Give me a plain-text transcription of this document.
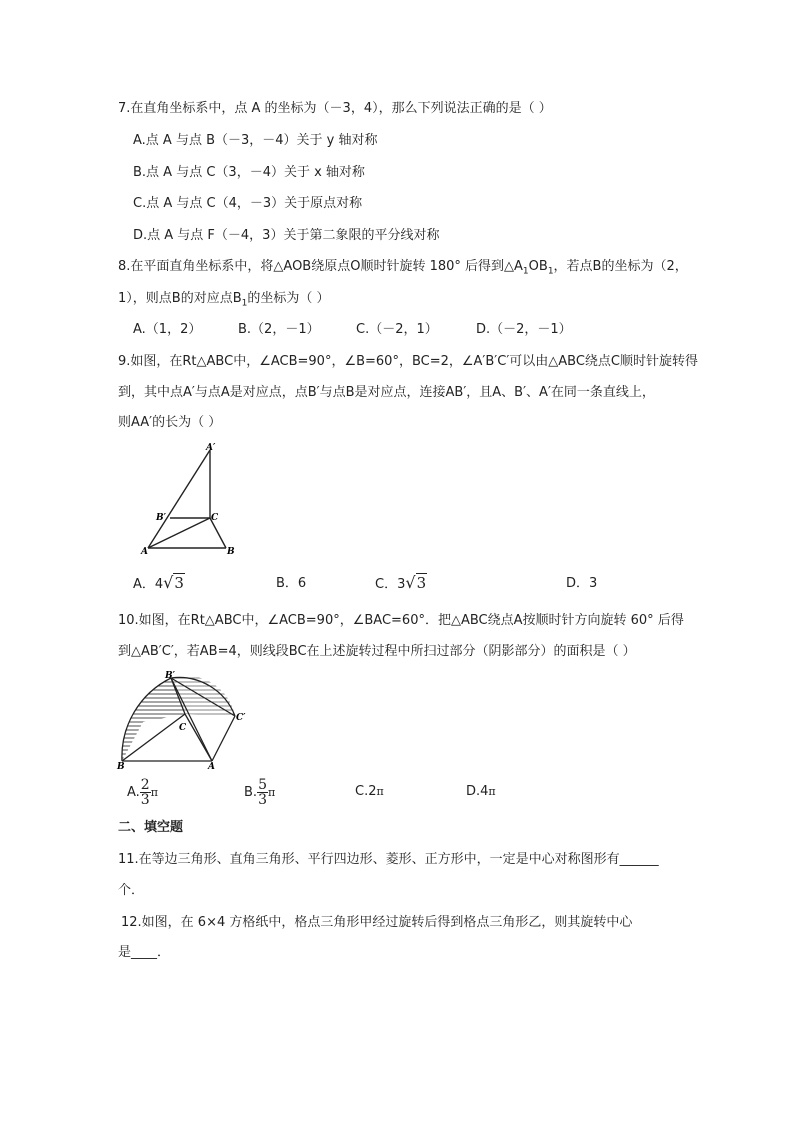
7.在直角坐标系中，点 A 的坐标为（－3，4），那么下列说法正确的是（ ）
A.点 A 与点 B（－3，－4）关于 y 轴对称
B.点 A 与点 C（3，－4）关于 x 轴对称
C.点 A 与点 C（4，－3）关于原点对称
D.点 A 与点 F（－4，3）关于第二象限的平分线对称
8.在平面直角坐标系中，将△AOB绕原点O顺时针旋转 180° 后得到$\triangle A_1OB_1$，若点B的坐标为（2，
1），则点B的对应点$B_1$的坐标为（ ）
A.（1，2）	B.（2，－1）	C.（－2，1）	D.（－2，－1）
9.如图，在Rt△ABC中，∠ACB=90°，∠B=60°，BC=2，∠A′B′C′可以由△ABC绕点C顺时针旋转得
到，其中点A′与点A是对应点，点B′与点B是对应点，连接AB′，且A、B′、A′在同一条直线上，
则AA′的长为（ ）
A′
B′	C
A	B
A．4√3	B．6	C．3√3	D．3
10.如图，在Rt△ABC中，∠ACB=90°，∠BAC=60°．把△ABC绕点A按顺时针方向旋转 60° 后得
到△AB′C′，若AB=4，则线段BC在上述旋转过程中所扫过部分（阴影部分）的面积是（ ）
B′
C′
C
B	A
A. $\frac{2}{3}$ π	B. $\frac{5}{3}$ π	C.2π	D.4π
二、填空题
11.在等边三角形、直角三角形、平行四边形、菱形、正方形中，一定是中心对称图形有______
个．
12.如图，在 6×4 方格纸中，格点三角形甲经过旋转后得到格点三角形乙，则其旋转中心
是____．
